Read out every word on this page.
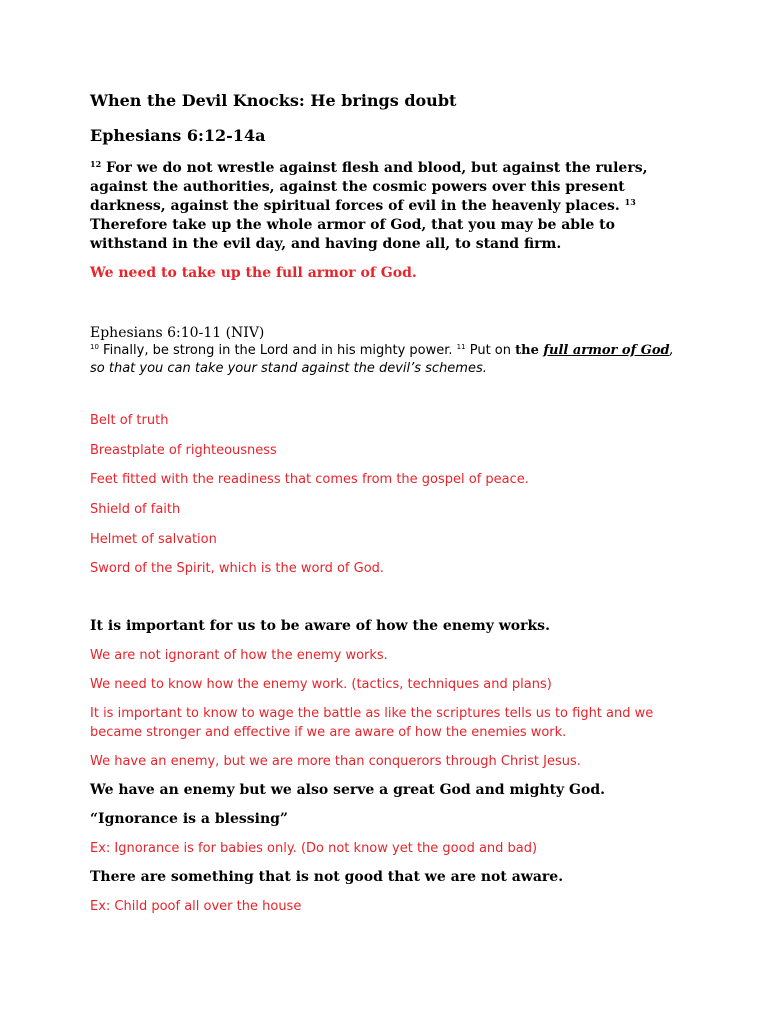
When the Devil Knocks: He brings doubt
Ephesians 6:12-14a
$^{12}$ For we do not wrestle against flesh and blood, but against the rulers, against the authorities, against the cosmic powers over this present darkness, against the spiritual forces of evil in the heavenly places. $^{13}$ Therefore take up the whole armor of God, that you may be able to withstand in the evil day, and having done all, to stand firm.
We need to take up the full armor of God.
Ephesians 6:10-11 (NIV)
$^{10}$ Finally, be strong in the Lord and in his mighty power. $^{11}$ Put on the full armor of God, so that you can take your stand against the devil’s schemes.
Belt of truth
Breastplate of righteousness
Feet fitted with the readiness that comes from the gospel of peace.
Shield of faith
Helmet of salvation
Sword of the Spirit, which is the word of God.
It is important for us to be aware of how the enemy works.
We are not ignorant of how the enemy works.
We need to know how the enemy work. (tactics, techniques and plans)
It is important to know to wage the battle as like the scriptures tells us to fight and we became stronger and effective if we are aware of how the enemies work.
We have an enemy, but we are more than conquerors through Christ Jesus.
We have an enemy but we also serve a great God and mighty God.
“Ignorance is a blessing”
Ex: Ignorance is for babies only. (Do not know yet the good and bad)
There are something that is not good that we are not aware.
Ex: Child poof all over the house
